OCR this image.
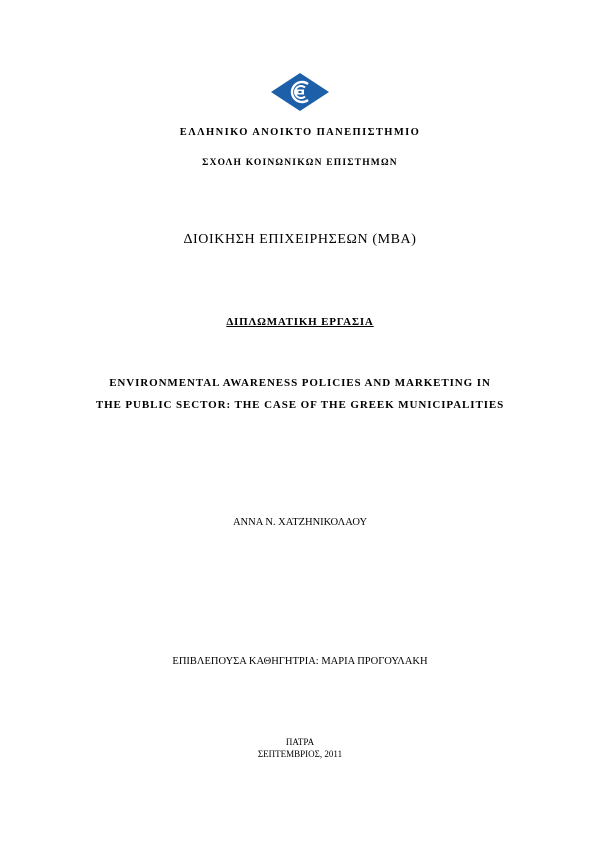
ΕΛΛΗΝΙΚΟ ΑΝΟΙΚΤΟ ΠΑΝΕΠΙΣΤΗΜΙΟ
ΣΧΟΛΗ ΚΟΙΝΩΝΙΚΩΝ ΕΠΙΣΤΗΜΩΝ
ΔΙΟΙΚΗΣΗ ΕΠΙΧΕΙΡΗΣΕΩΝ (MBA)
ΔΙΠΛΩΜΑΤΙΚΗ ΕΡΓΑΣΙΑ
ENVIRONMENTAL AWARENESS POLICIES AND MARKETING IN
THE PUBLIC SECTOR: THE CASE OF THE GREEK MUNICIPALITIES
ΑΝΝΑ Ν. ΧΑΤΖΗΝΙΚΟΛΑΟΥ
ΕΠΙΒΛΕΠΟΥΣΑ ΚΑΘΗΓΗΤΡΙΑ: ΜΑΡΙΑ ΠΡΟΓΟΥΛΑΚΗ
ΠΑΤΡΑ
ΣΕΠΤΕΜΒΡΙΟΣ, 2011
